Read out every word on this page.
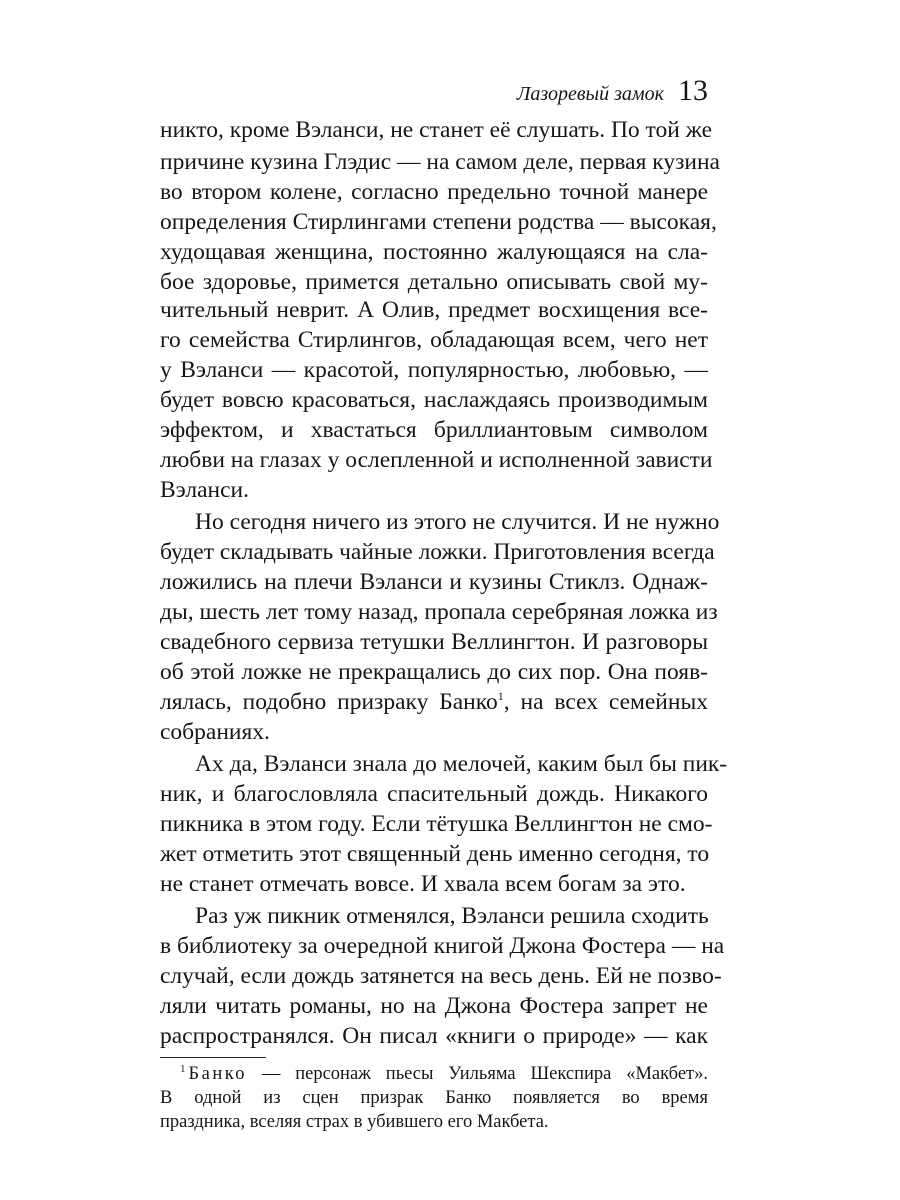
Лазоревый замок 13
никто, кроме Вэланси, не станет её слушать. По той же
причине кузина Глэдис — на самом деле, первая кузина
во втором колене, согласно предельно точной манере
определения Стирлингами степени родства — высокая,
худощавая женщина, постоянно жалующаяся на сла-
бое здоровье, примется детально описывать свой му-
чительный неврит. А Олив, предмет восхищения все-
го семейства Стирлингов, обладающая всем, чего нет
у Вэланси — красотой, популярностью, любовью, —
будет вовсю красоваться, наслаждаясь производимым
эффектом, и хвастаться бриллиантовым символом
любви на глазах у ослепленной и исполненной зависти
Вэланси.
Но сегодня ничего из этого не случится. И не нужно
будет складывать чайные ложки. Приготовления всегда
ложились на плечи Вэланси и кузины Стиклз. Однаж-
ды, шесть лет тому назад, пропала серебряная ложка из
свадебного сервиза тетушки Веллингтон. И разговоры
об этой ложке не прекращались до сих пор. Она появ-
лялась, подобно призраку Банко$^1$, на всех семейных
собраниях.
Ах да, Вэланси знала до мелочей, каким был бы пик-
ник, и благословляла спасительный дождь. Никакого
пикника в этом году. Если тётушка Веллингтон не смо-
жет отметить этот священный день именно сегодня, то
не станет отмечать вовсе. И хвала всем богам за это.
Раз уж пикник отменялся, Вэланси решила сходить
в библиотеку за очередной книгой Джона Фостера — на
случай, если дождь затянется на весь день. Ей не позво-
ляли читать романы, но на Джона Фостера запрет не
распространялся. Он писал «книги о природе» — как
$^1$ Банко — персонаж пьесы Уильяма Шекспира «Макбет».
В одной из сцен призрак Банко появляется во время
праздника, вселяя страх в убившего его Макбета.
